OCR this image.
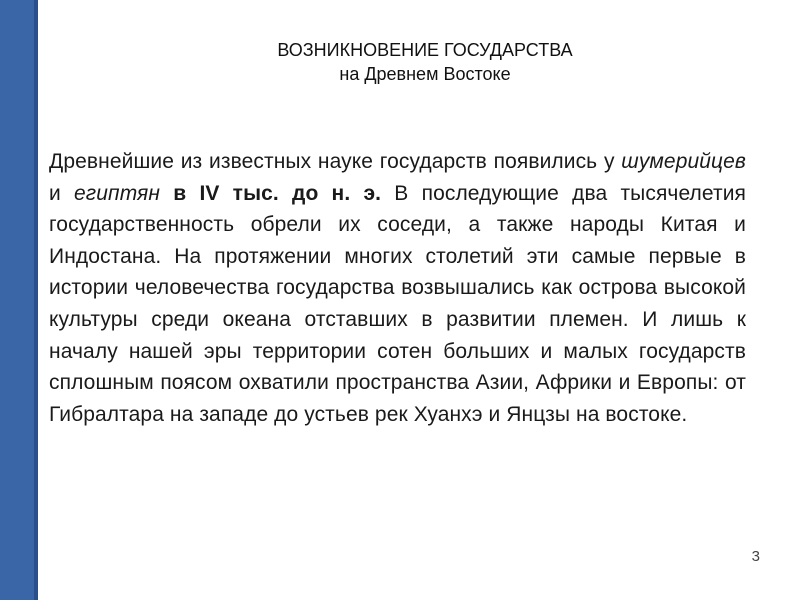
ВОЗНИКНОВЕНИЕ ГОСУДАРСТВА
на Древнем Востоке
Древнейшие из известных науке государств появились у шумерийцев и египтян в IV тыс. до н. э. В последующие два тысячелетия государственность обрели их соседи, а также народы Китая и Индостана. На протяжении многих столетий эти самые первые в истории человечества государства возвышались как острова высокой культуры среди океана отставших в развитии племен. И лишь к началу нашей эры территории сотен больших и малых государств сплошным поясом охватили пространства Азии, Африки и Европы: от Гибралтара на западе до устьев рек Хуанхэ и Янцзы на востоке.
3
